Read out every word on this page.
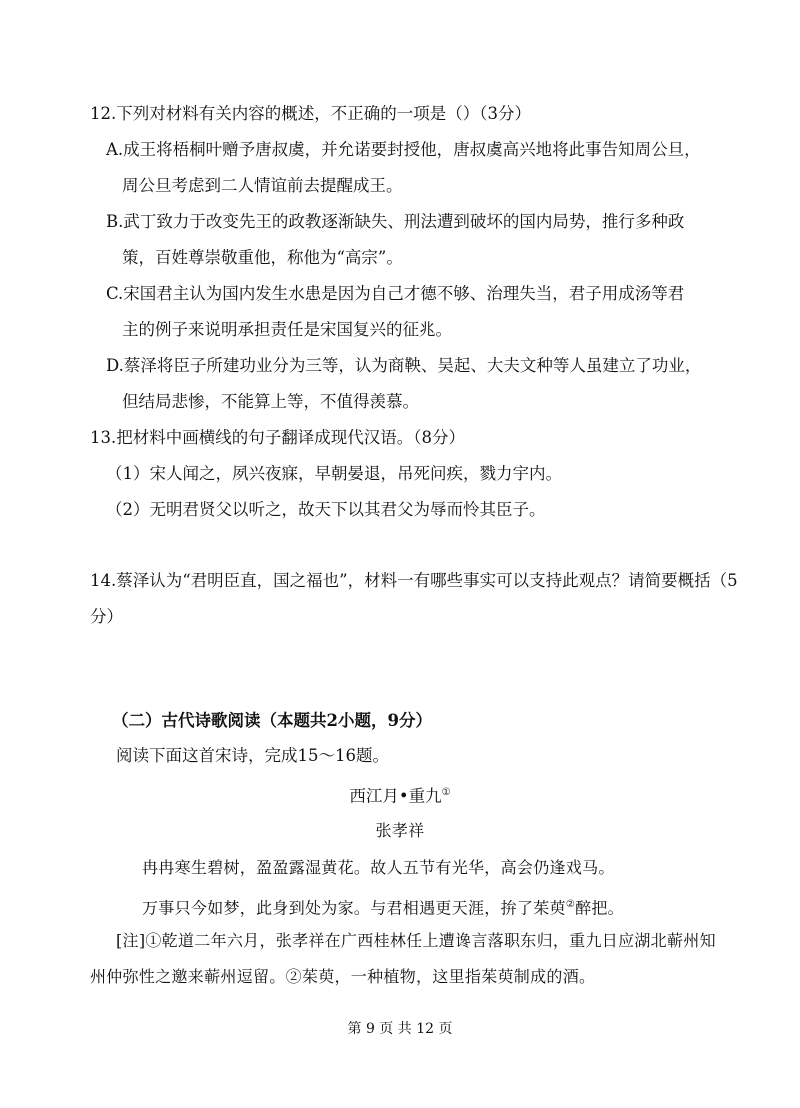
12.下列对材料有关内容的概述，不正确的一项是（）（3分）
A.成王将梧桐叶赠予唐叔虞，并允诺要封授他，唐叔虞高兴地将此事告知周公旦，
周公旦考虑到二人情谊前去提醒成王。
B.武丁致力于改变先王的政教逐渐缺失、刑法遭到破坏的国内局势，推行多种政
策，百姓尊崇敬重他，称他为“高宗”。
C.宋国君主认为国内发生水患是因为自己才德不够、治理失当，君子用成汤等君
主的例子来说明承担责任是宋国复兴的征兆。
D.蔡泽将臣子所建功业分为三等，认为商鞅、吴起、大夫文种等人虽建立了功业，
但结局悲惨，不能算上等，不值得羡慕。
13.把材料中画横线的句子翻译成现代汉语。（8分）
（1）宋人闻之，夙兴夜寐，早朝晏退，吊死问疾，戮力宇内。
（2）无明君贤父以听之，故天下以其君父为辱而怜其臣子。
14.蔡泽认为“君明臣直，国之福也”，材料一有哪些事实可以支持此观点？请简要概括（5
分）
（二）古代诗歌阅读（本题共2小题，9分）
阅读下面这首宋诗，完成15～16题。
西江月•重九①
张孝祥
冉冉寒生碧树，盈盈露湿黄花。故人五节有光华，高会仍逢戏马。
万事只今如梦，此身到处为家。与君相遇更天涯，拚了茱萸②醉把。
[注]①乾道二年六月，张孝祥在广西桂林任上遭谗言落职东归，重九日应湖北蕲州知
州仲弥性之邀来蕲州逗留。②茱萸，一种植物，这里指茱萸制成的酒。
第 9 页 共 12 页
